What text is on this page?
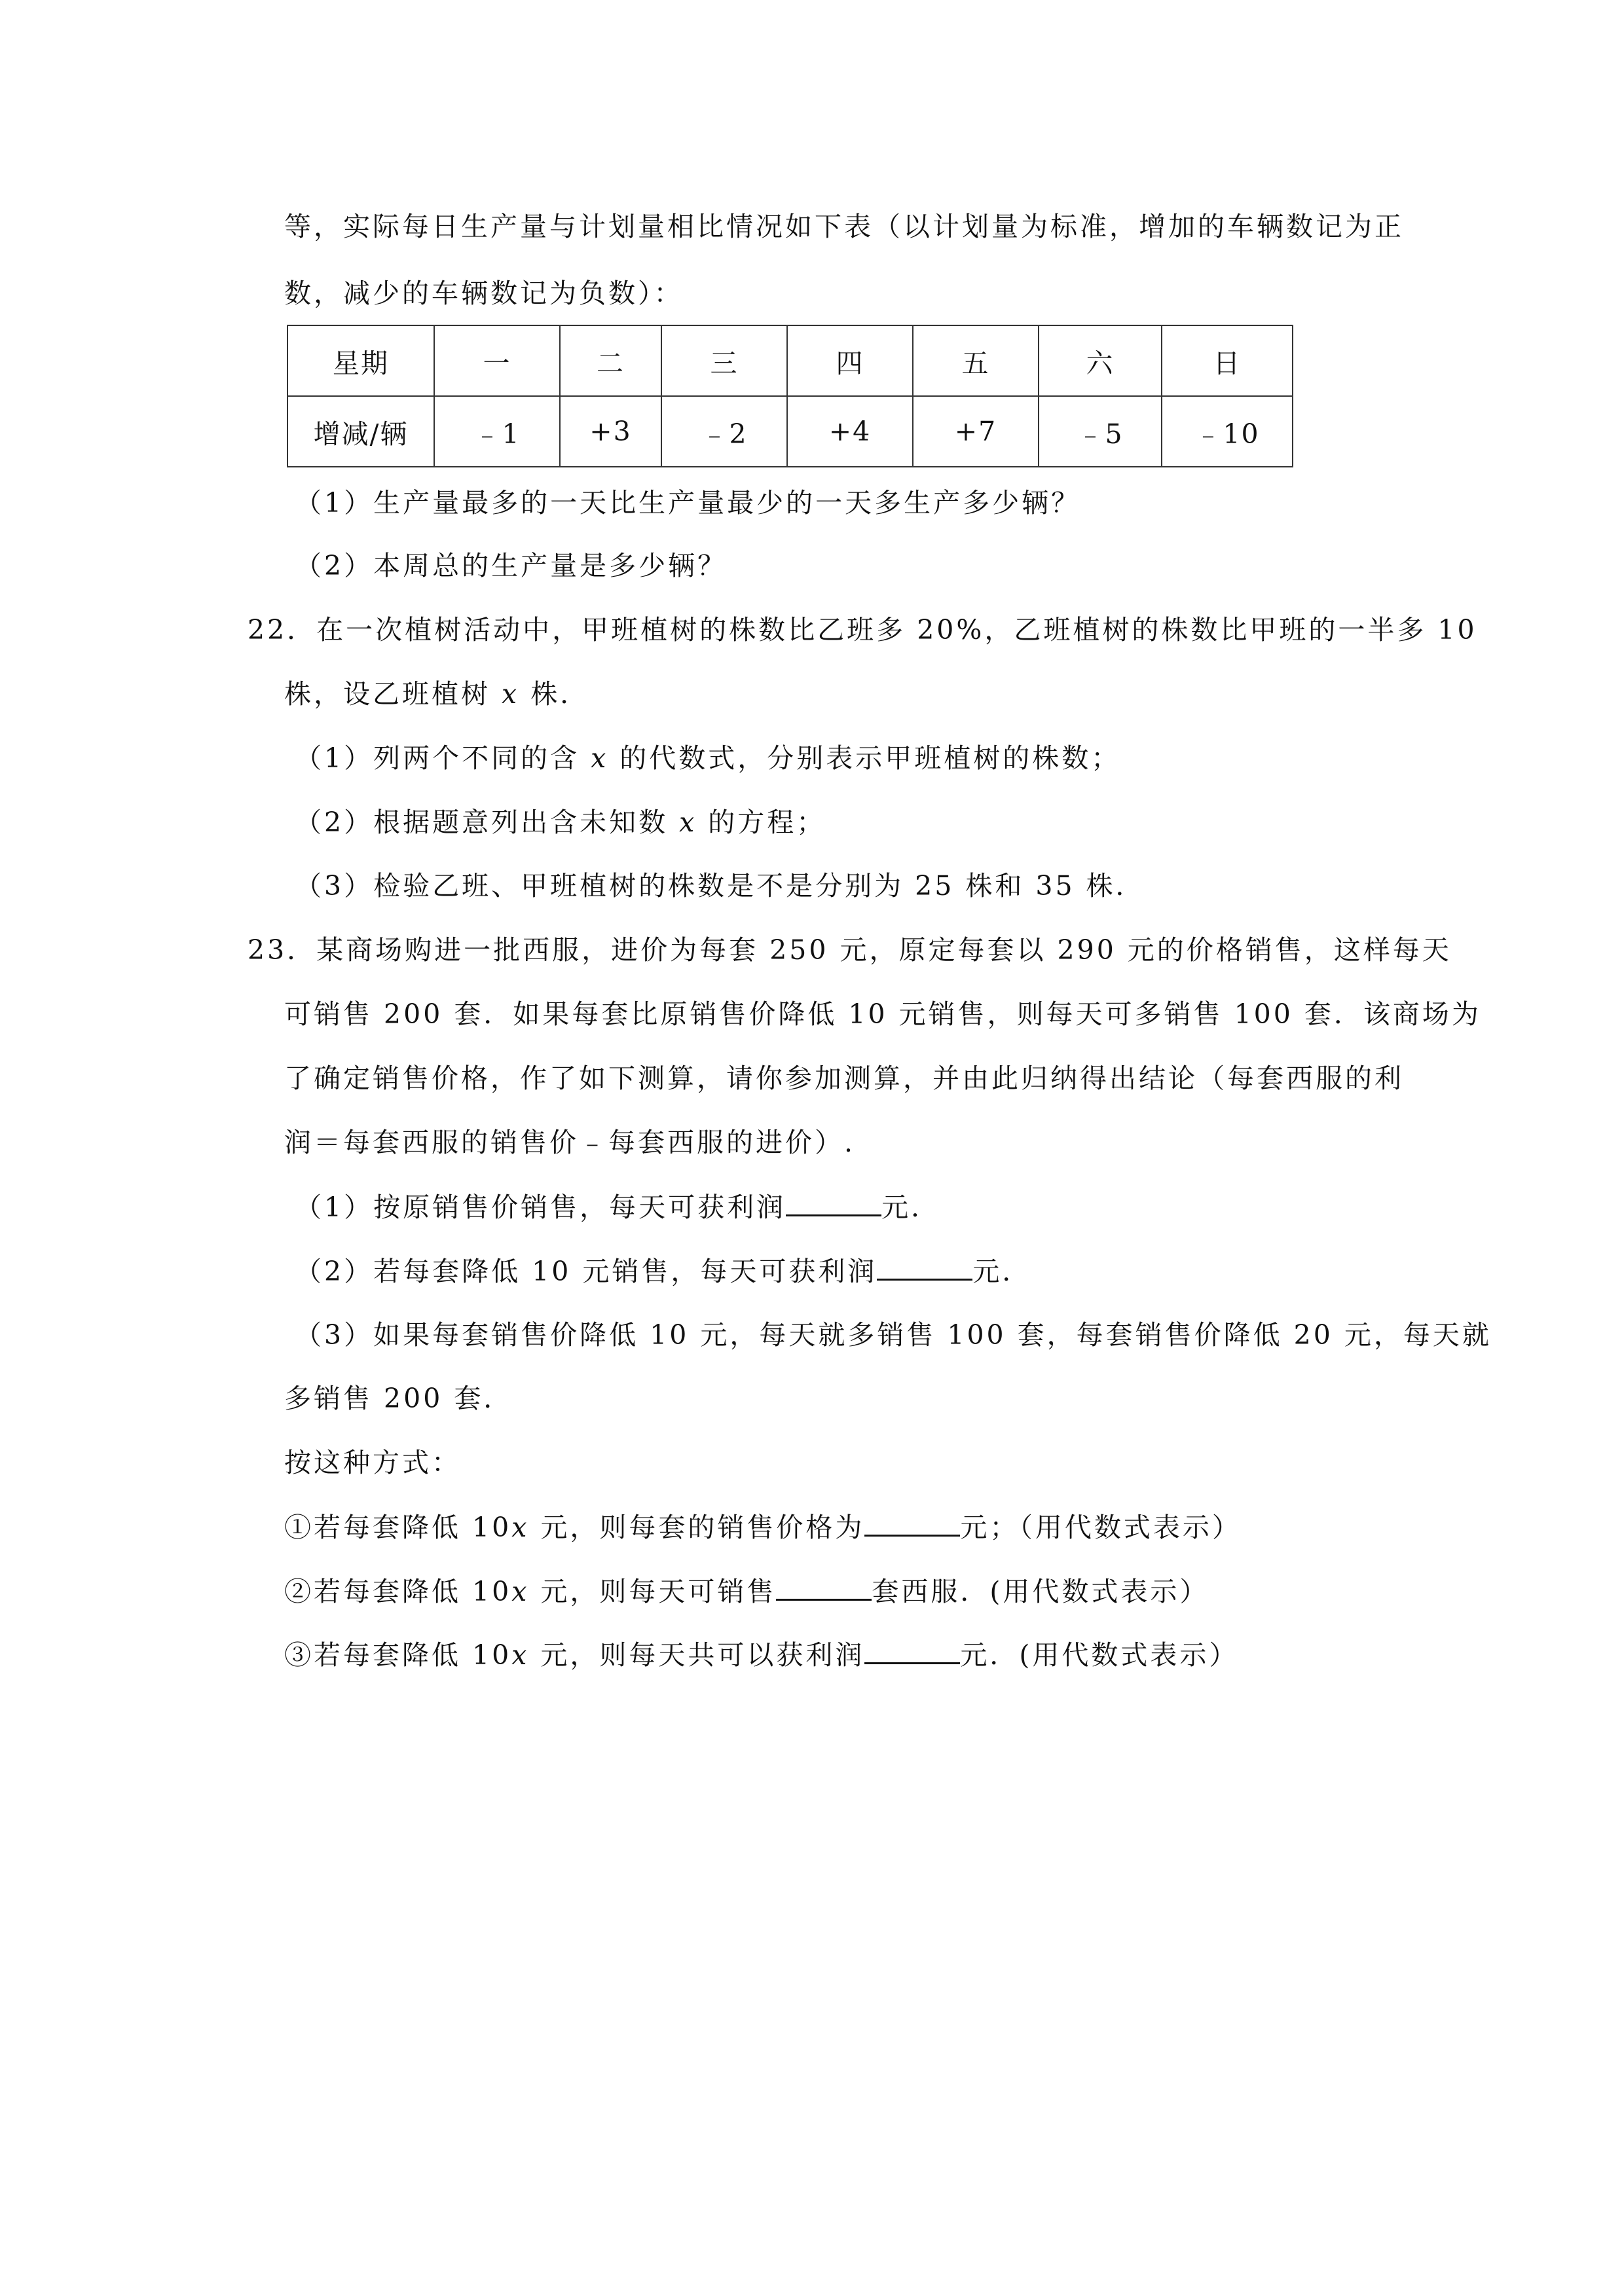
等，实际每日生产量与计划量相比情况如下表（以计划量为标准，增加的车辆数记为正
数，减少的车辆数记为负数）：
星期	一	二	三	四	五	六	日
增减/辆	﹣1	+3	﹣2	+4	+7	﹣5	﹣10
（1）生产量最多的一天比生产量最少的一天多生产多少辆？
（2）本周总的生产量是多少辆？
22．在一次植树活动中，甲班植树的株数比乙班多 20%，乙班植树的株数比甲班的一半多 10
株，设乙班植树 x 株．
（1）列两个不同的含 x 的代数式，分别表示甲班植树的株数；
（2）根据题意列出含未知数 x 的方程；
（3）检验乙班、甲班植树的株数是不是分别为 25 株和 35 株．
23．某商场购进一批西服，进价为每套 250 元，原定每套以 290 元的价格销售，这样每天
可销售 200 套．如果每套比原销售价降低 10 元销售，则每天可多销售 100 套．该商场为
了确定销售价格，作了如下测算，请你参加测算，并由此归纳得出结论（每套西服的利
润＝每套西服的销售价﹣每套西服的进价）.
（1）按原销售价销售，每天可获利润	元．
（2）若每套降低 10 元销售，每天可获利润	元．
（3）如果每套销售价降低 10 元，每天就多销售 100 套，每套销售价降低 20 元，每天就
多销售 200 套．
按这种方式：
①若每套降低 10x 元，则每套的销售价格为	元；（用代数式表示）
②若每套降低 10x 元，则每天可销售	套西服．(用代数式表示）
③若每套降低 10x 元，则每天共可以获利润	元．(用代数式表示）
